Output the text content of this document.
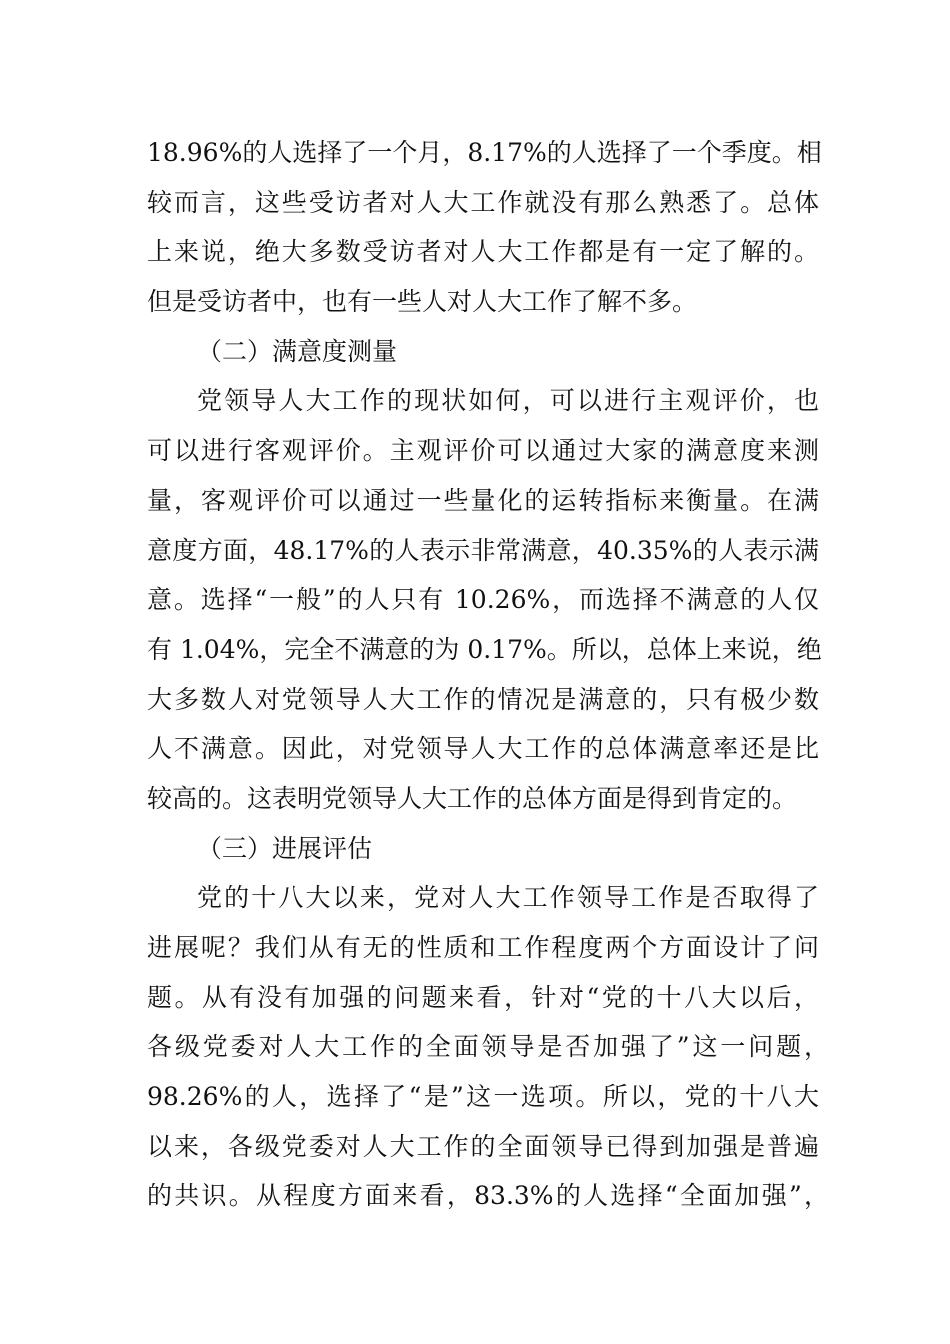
18.96%的人选择了一个月，8.17%的人选择了一个季度。相
较而言，这些受访者对人大工作就没有那么熟悉了。总体
上来说，绝大多数受访者对人大工作都是有一定了解的。
但是受访者中，也有一些人对人大工作了解不多。
（二）满意度测量
党领导人大工作的现状如何，可以进行主观评价，也
可以进行客观评价。主观评价可以通过大家的满意度来测
量，客观评价可以通过一些量化的运转指标来衡量。在满
意度方面，48.17%的人表示非常满意，40.35%的人表示满
意。选择“一般”的人只有 10.26%，而选择不满意的人仅
有 1.04%，完全不满意的为 0.17%。所以，总体上来说，绝
大多数人对党领导人大工作的情况是满意的，只有极少数
人不满意。因此，对党领导人大工作的总体满意率还是比
较高的。这表明党领导人大工作的总体方面是得到肯定的。
（三）进展评估
党的十八大以来，党对人大工作领导工作是否取得了
进展呢？我们从有无的性质和工作程度两个方面设计了问
题。从有没有加强的问题来看，针对“党的十八大以后，
各级党委对人大工作的全面领导是否加强了”这一问题，
98.26%的人，选择了“是”这一选项。所以，党的十八大
以来，各级党委对人大工作的全面领导已得到加强是普遍
的共识。从程度方面来看，83.3%的人选择“全面加强”，
